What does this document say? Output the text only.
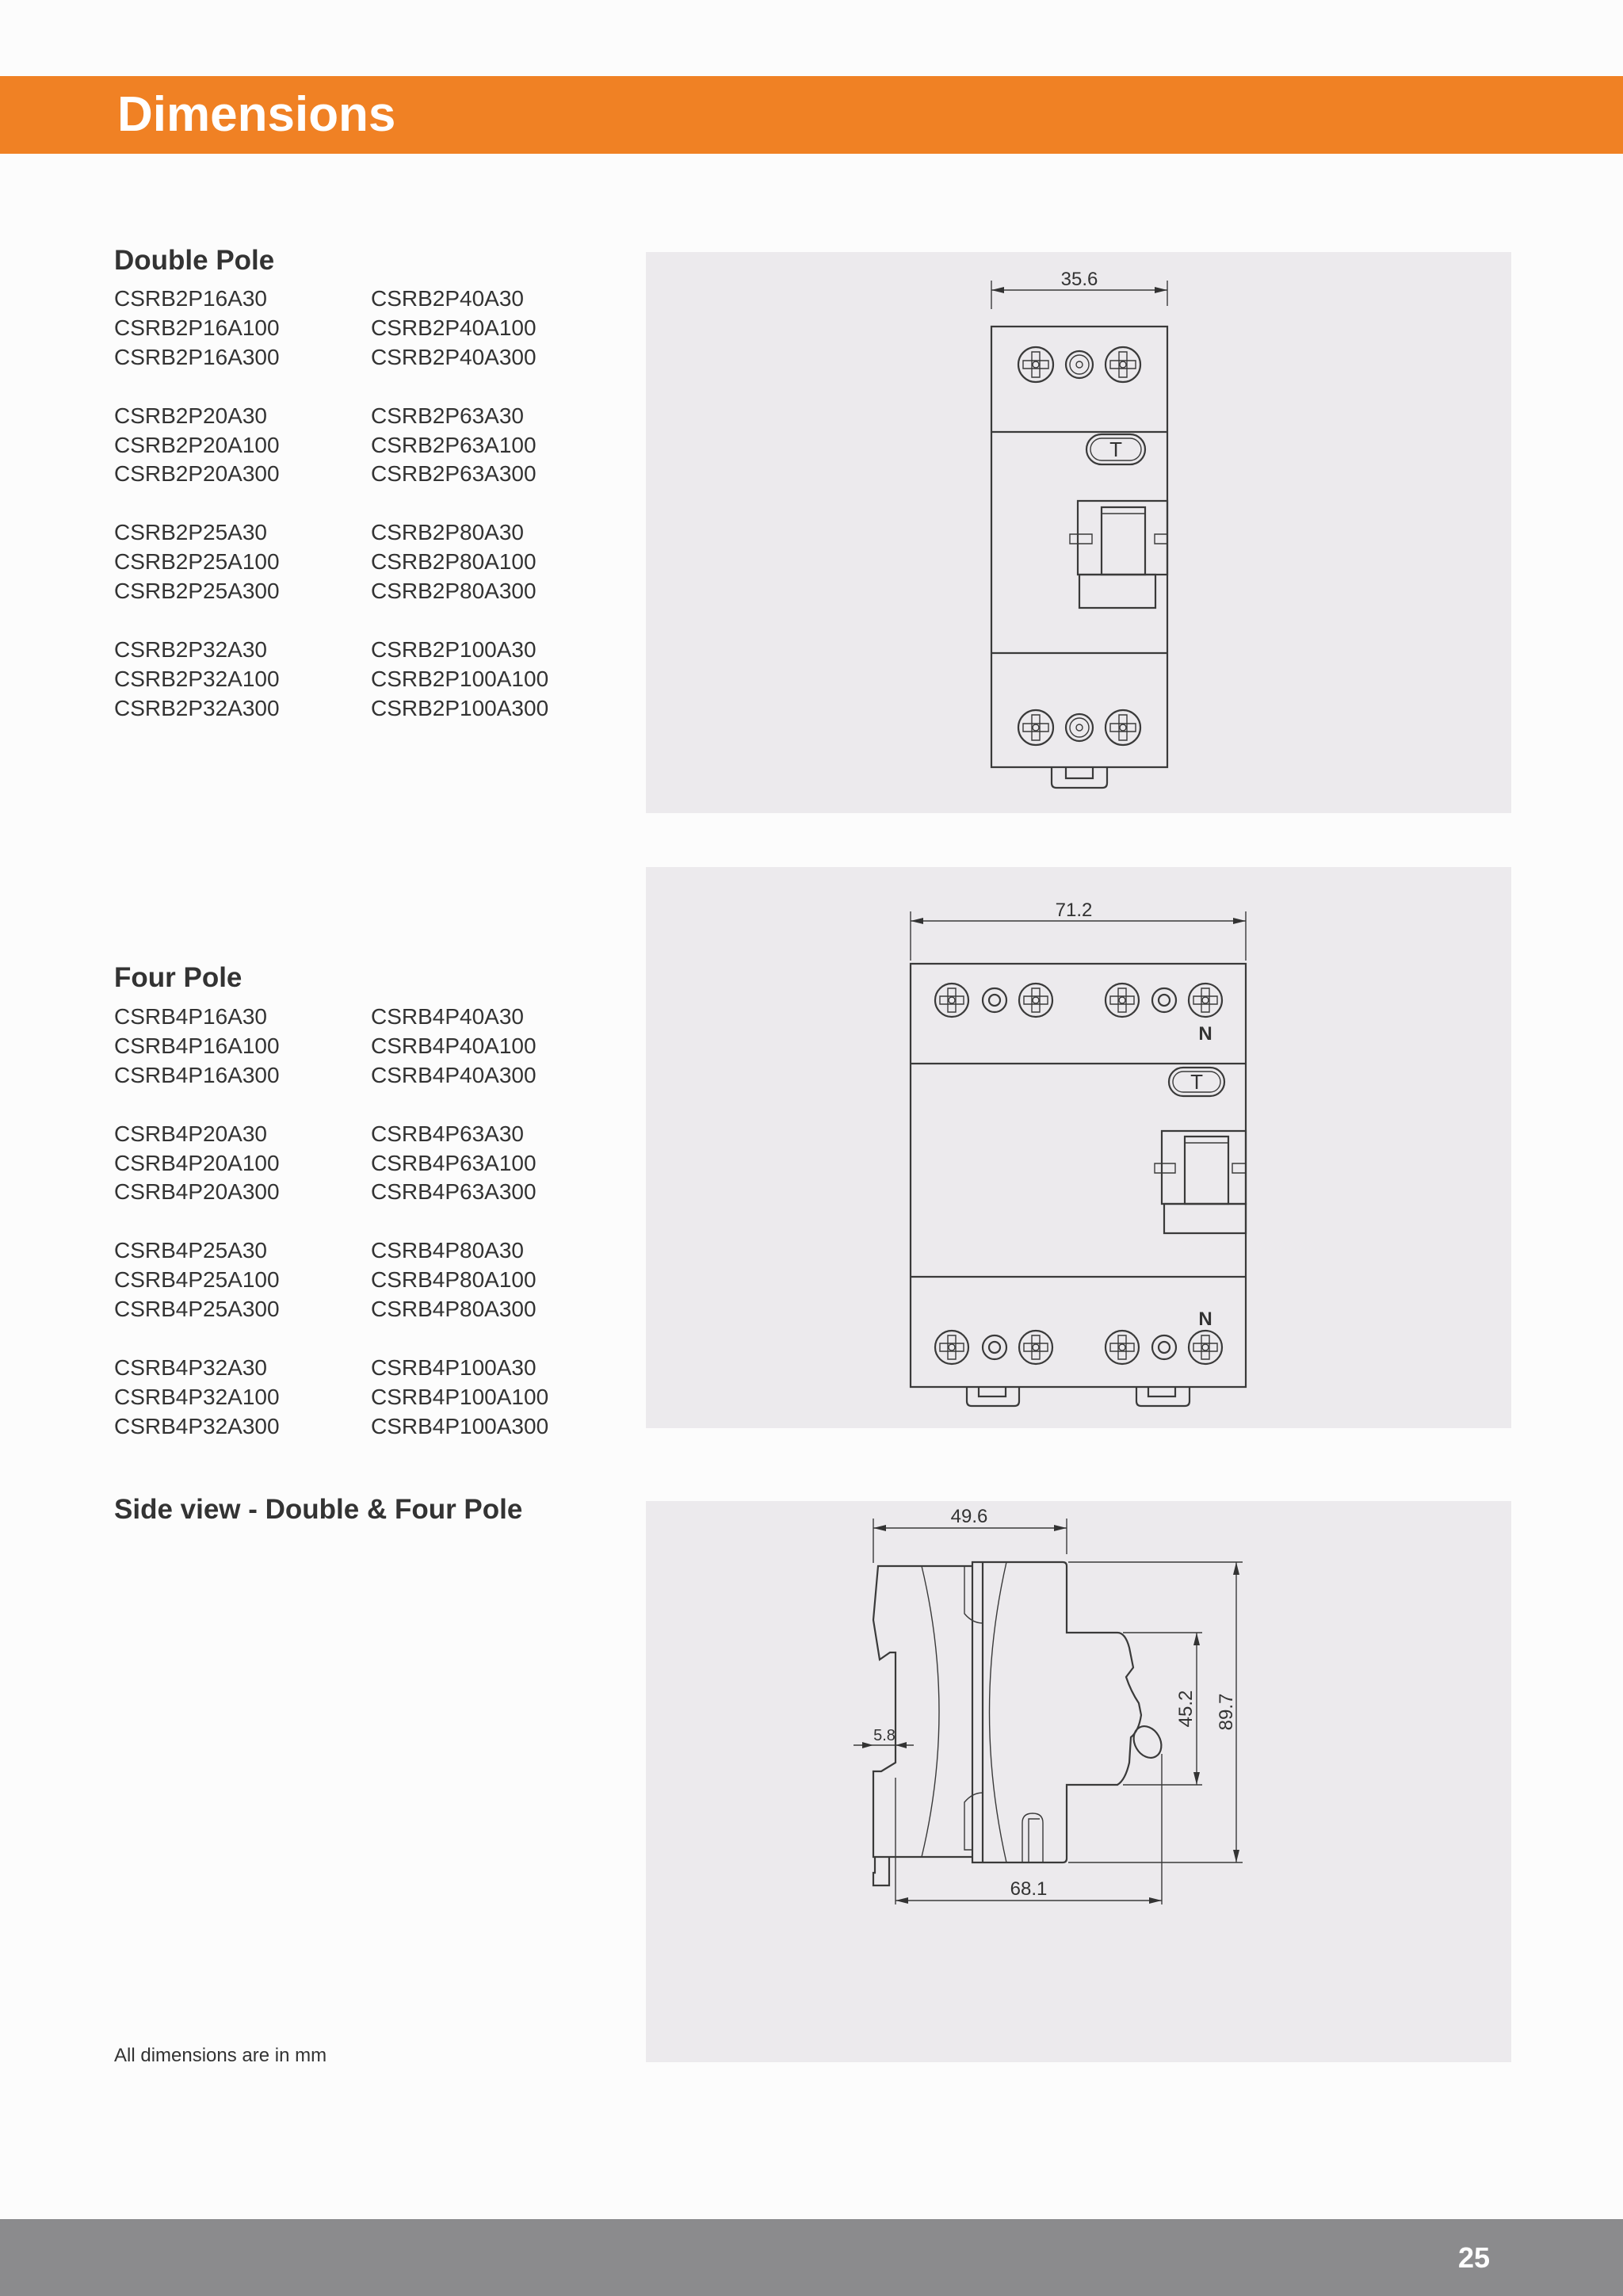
Dimensions
Double Pole
CSRB2P16A30
CSRB2P16A100
CSRB2P16A300
CSRB2P20A30
CSRB2P20A100
CSRB2P20A300
CSRB2P25A30
CSRB2P25A100
CSRB2P25A300
CSRB2P32A30
CSRB2P32A100
CSRB2P32A300
CSRB2P40A30
CSRB2P40A100
CSRB2P40A300
CSRB2P63A30
CSRB2P63A100
CSRB2P63A300
CSRB2P80A30
CSRB2P80A100
CSRB2P80A300
CSRB2P100A30
CSRB2P100A100
CSRB2P100A300
Four Pole
CSRB4P16A30
CSRB4P16A100
CSRB4P16A300
CSRB4P20A30
CSRB4P20A100
CSRB4P20A300
CSRB4P25A30
CSRB4P25A100
CSRB4P25A300
CSRB4P32A30
CSRB4P32A100
CSRB4P32A300
CSRB4P40A30
CSRB4P40A100
CSRB4P40A300
CSRB4P63A30
CSRB4P63A100
CSRB4P63A300
CSRB4P80A30
CSRB4P80A100
CSRB4P80A300
CSRB4P100A30
CSRB4P100A100
CSRB4P100A300
Side view - Double & Four Pole
35.6
T
71.2
N
N
T
49.6
5.8
68.1
45.2 89.7
All dimensions are in mm
25
